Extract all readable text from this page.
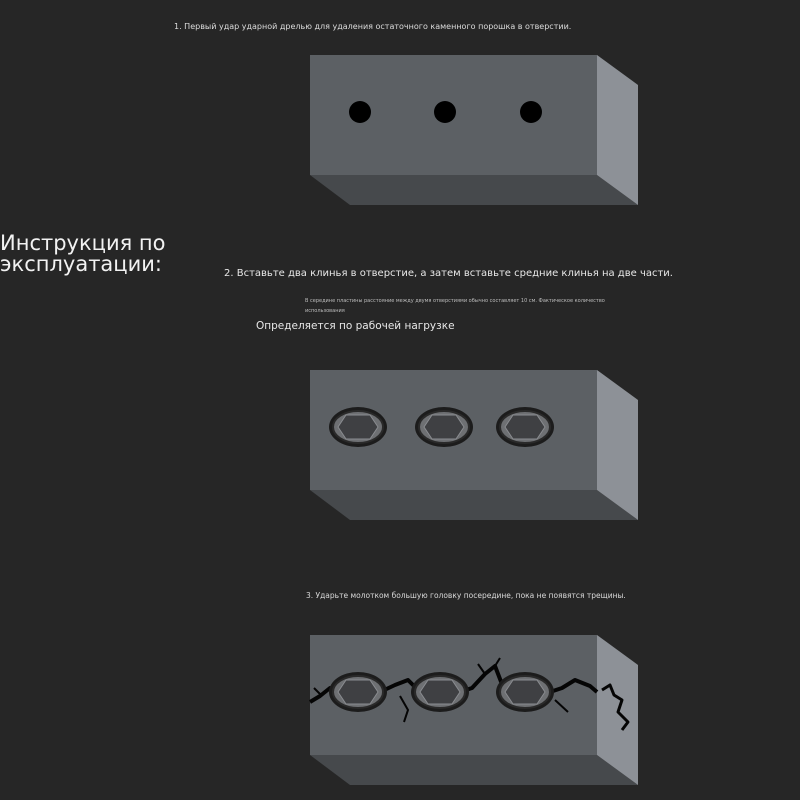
Инструкция по
эксплуатации:
1. Первый удар ударной дрелью для удаления остаточного каменного порошка в отверстии.
2. Вставьте два клинья в отверстие, а затем вставьте средние клинья на две части.
В середине пластины расстояние между двумя отверстиями обычно составляет 10 см. Фактическое количество использования
Определяется по рабочей нагрузке
3. Ударьте молотком большую головку посередине, пока не появятся трещины.
